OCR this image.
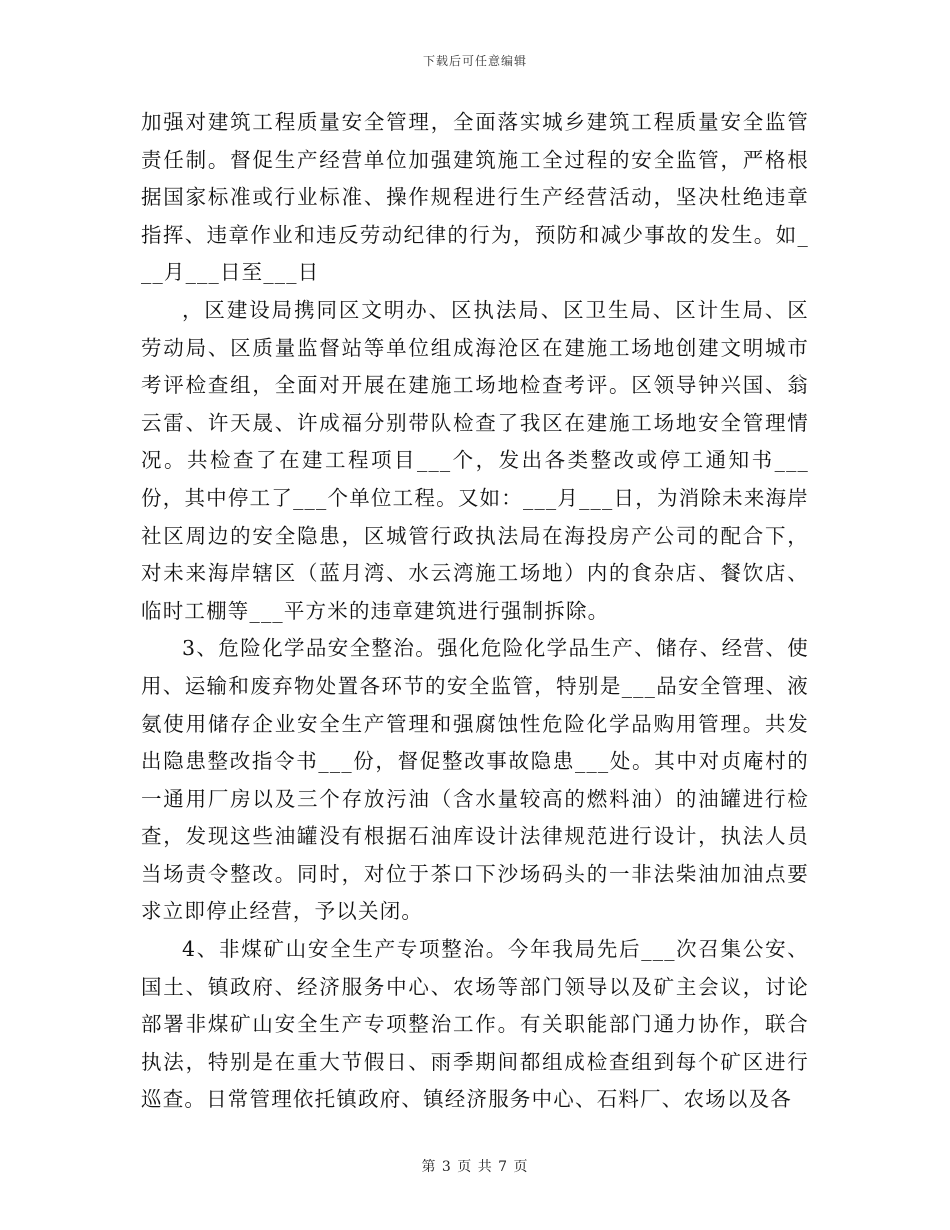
下载后可任意编辑

加强对建筑工程质量安全管理，全面落实城乡建筑工程质量安全监管责任制。督促生产经营单位加强建筑施工全过程的安全监管，严格根据国家标准或行业标准、操作规程进行生产经营活动，坚决杜绝违章指挥、违章作业和违反劳动纪律的行为，预防和减少事故的发生。如___月___日至___日

，区建设局携同区文明办、区执法局、区卫生局、区计生局、区劳动局、区质量监督站等单位组成海沧区在建施工场地创建文明城市考评检查组，全面对开展在建施工场地检查考评。区领导钟兴国、翁云雷、许天晟、许成福分别带队检查了我区在建施工场地安全管理情况。共检查了在建工程项目___个，发出各类整改或停工通知书___份，其中停工了___个单位工程。又如：___月___日，为消除未来海岸社区周边的安全隐患，区城管行政执法局在海投房产公司的配合下，对未来海岸辖区（蓝月湾、水云湾施工场地）内的食杂店、餐饮店、临时工棚等___平方米的违章建筑进行强制拆除。

3、危险化学品安全整治。强化危险化学品生产、储存、经营、使用、运输和废弃物处置各环节的安全监管，特别是___品安全管理、液氨使用储存企业安全生产管理和强腐蚀性危险化学品购用管理。共发出隐患整改指令书___份，督促整改事故隐患___处。其中对贞庵村的一通用厂房以及三个存放污油（含水量较高的燃料油）的油罐进行检查，发现这些油罐没有根据石油库设计法律规范进行设计，执法人员当场责令整改。同时，对位于茶口下沙场码头的一非法柴油加油点要求立即停止经营，予以关闭。

4、非煤矿山安全生产专项整治。今年我局先后___次召集公安、国土、镇政府、经济服务中心、农场等部门领导以及矿主会议，讨论部署非煤矿山安全生产专项整治工作。有关职能部门通力协作，联合执法，特别是在重大节假日、雨季期间都组成检查组到每个矿区进行巡查。日常管理依托镇政府、镇经济服务中心、石料厂、农场以及各

第 3 页 共 7 页
